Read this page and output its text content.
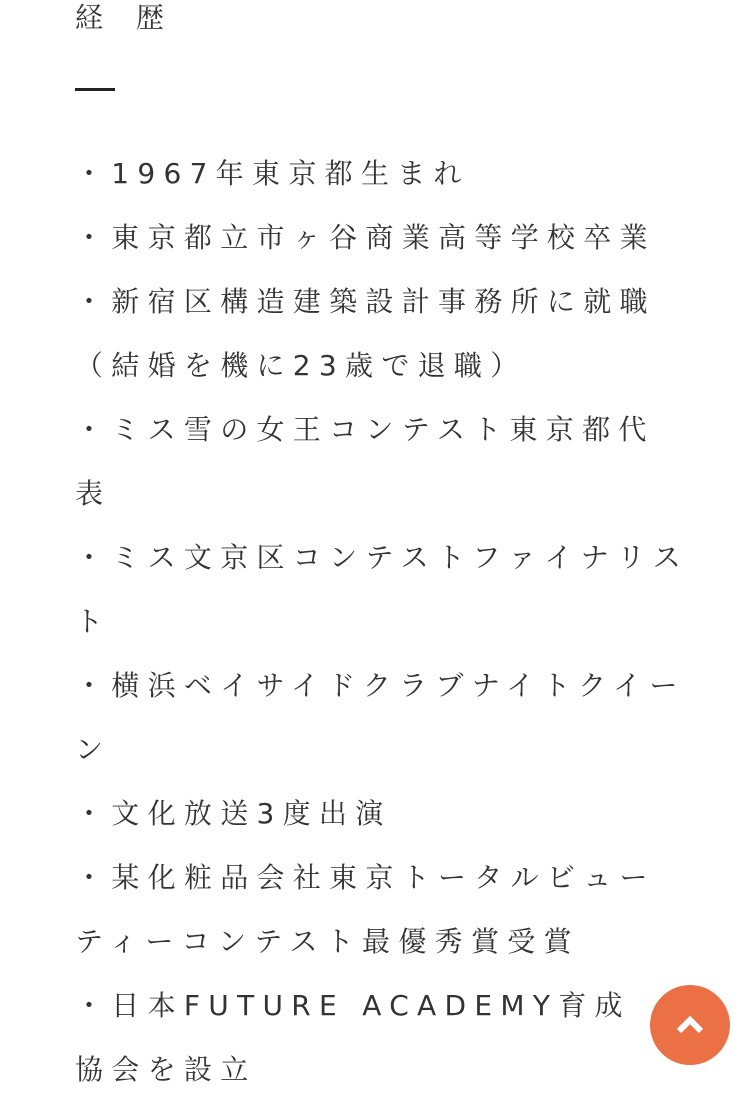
経 歴
・1967年東京都生まれ
・東京都立市ヶ谷商業高等学校卒業
・新宿区構造建築設計事務所に就職
（結婚を機に23歳で退職）
・ミス雪の女王コンテスト東京都代
表
・ミス文京区コンテストファイナリス
ト
・横浜ベイサイドクラブナイトクイー
ン
・文化放送3度出演
・某化粧品会社東京トータルビュー
ティーコンテスト最優秀賞受賞
・日本FUTURE ACADEMY育成
協会を設立
